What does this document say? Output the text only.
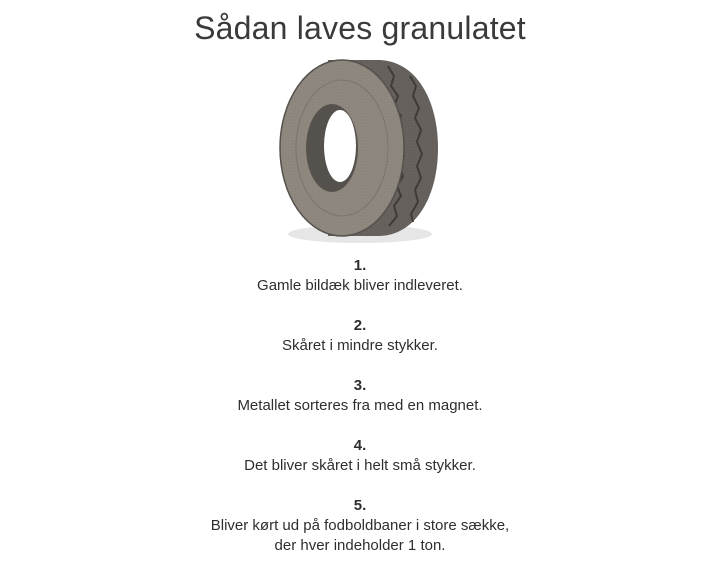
Sådan laves granulatet
1.
Gamle bildæk bliver indleveret.
2.
Skåret i mindre stykker.
3.
Metallet sorteres fra med en magnet.
4.
Det bliver skåret i helt små stykker.
5.
Bliver kørt ud på fodboldbaner i store sække,
der hver indeholder 1 ton.
